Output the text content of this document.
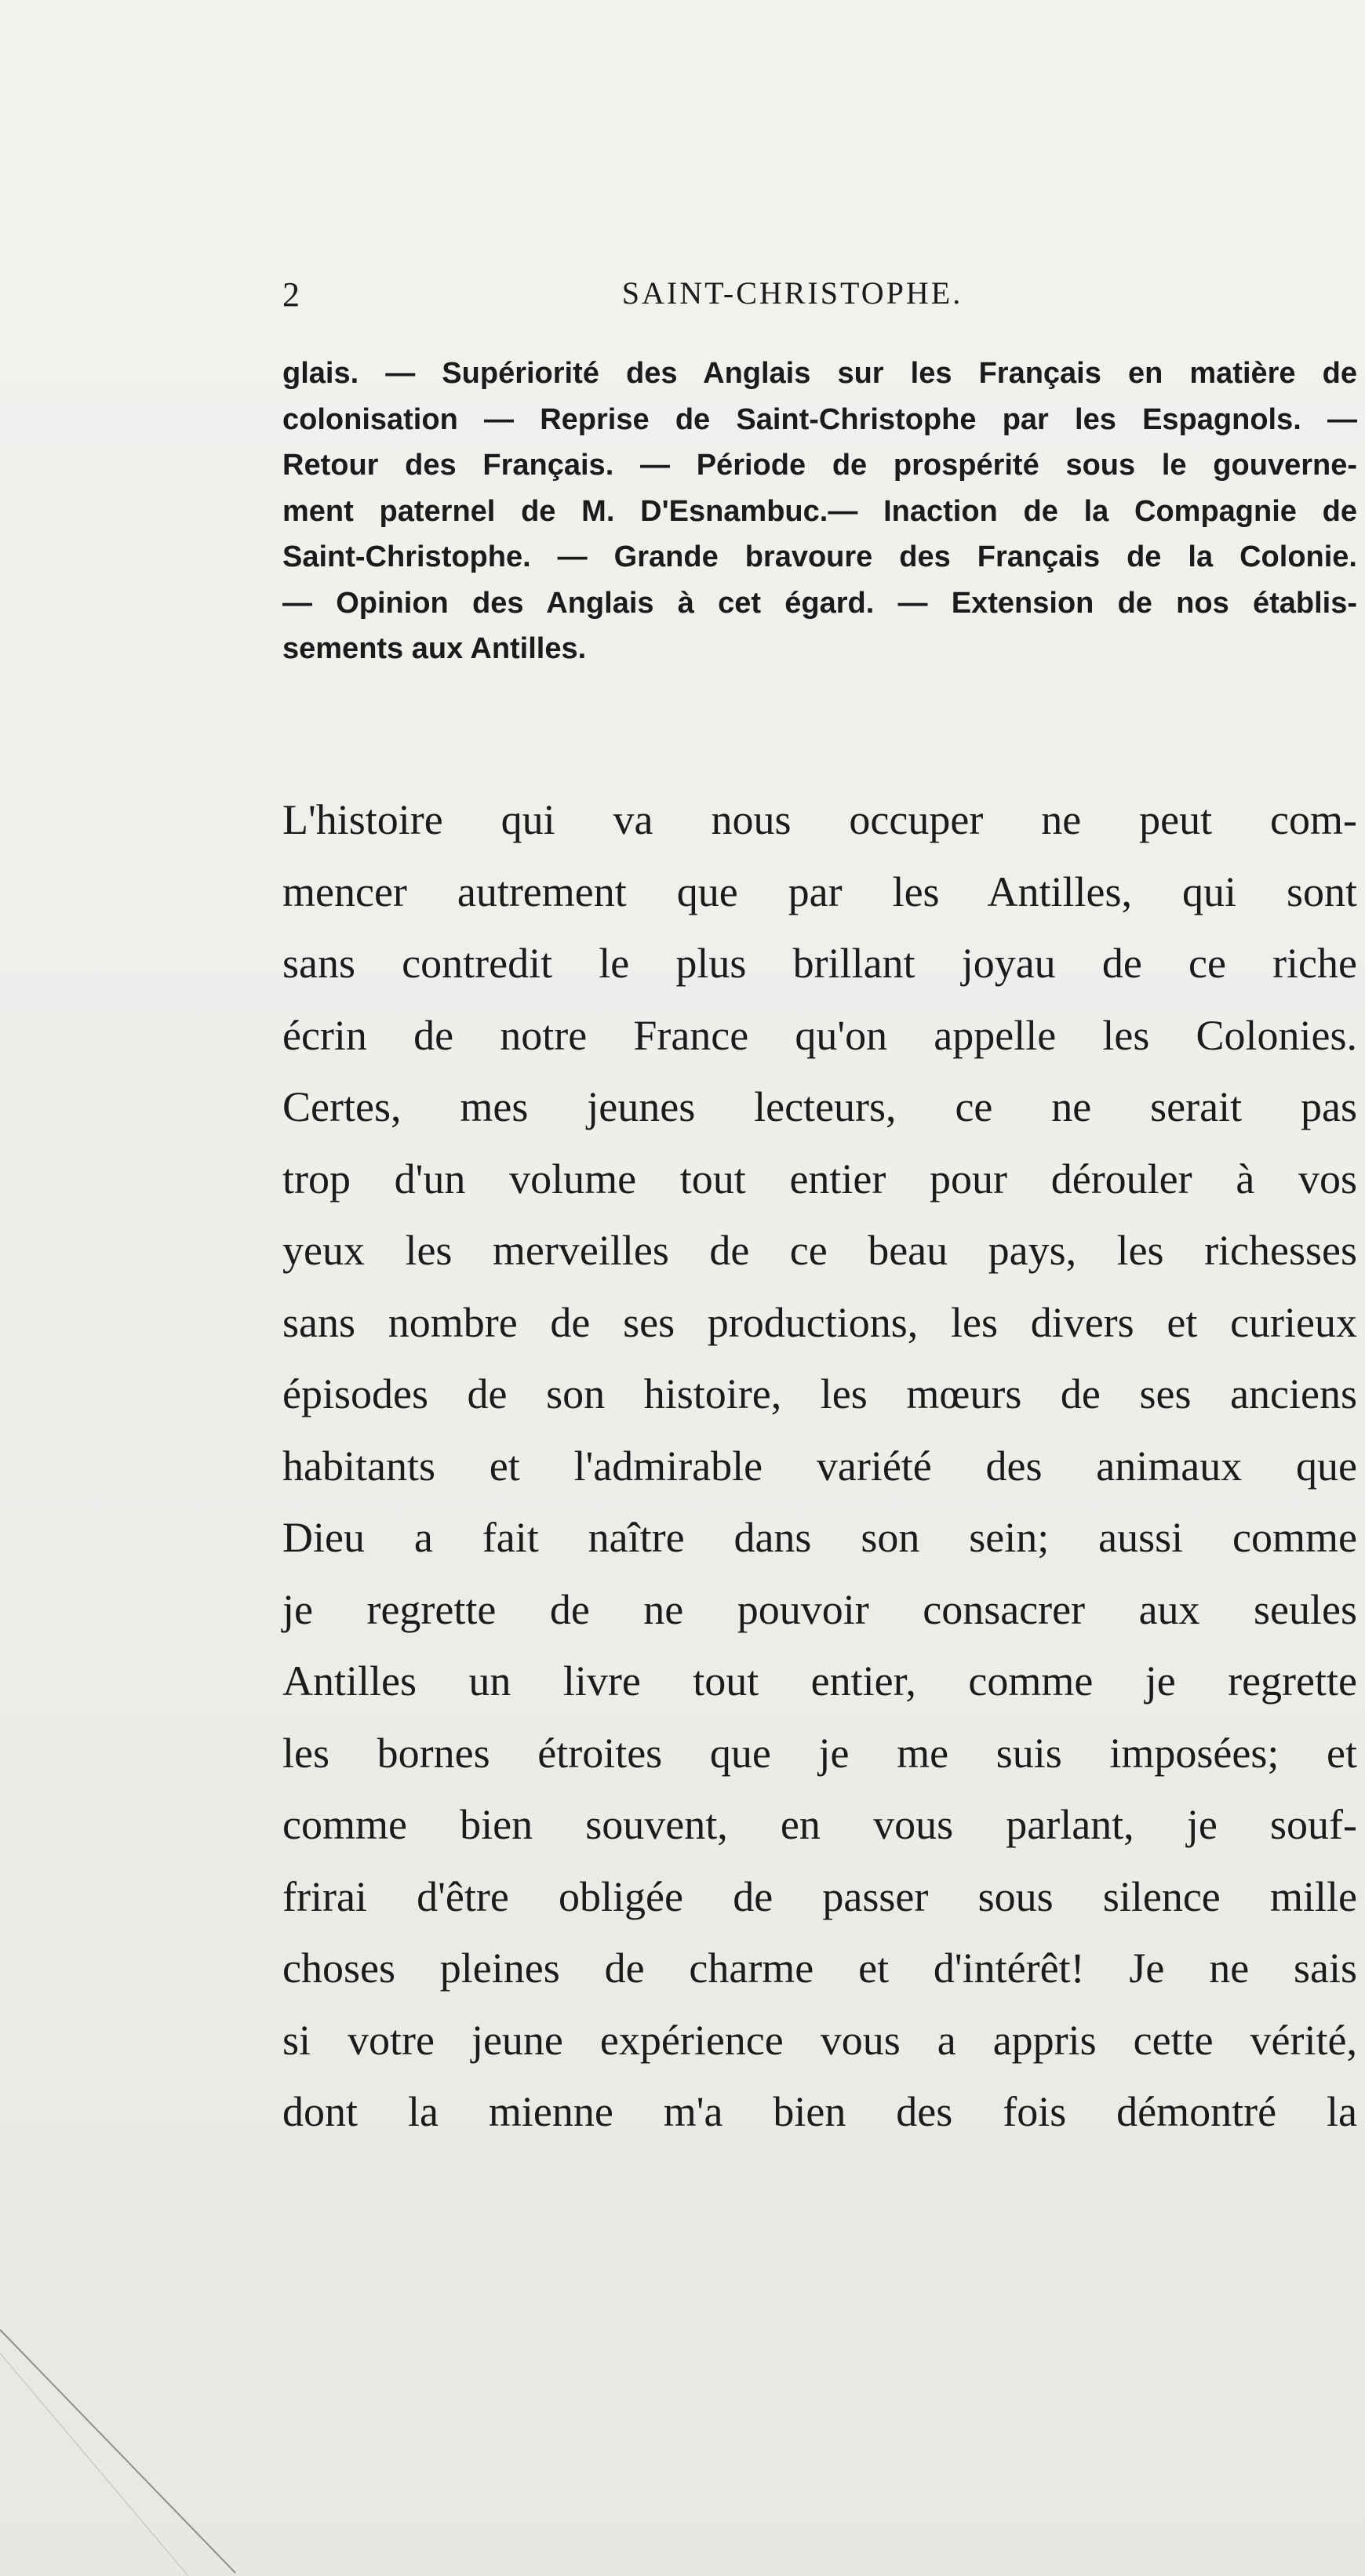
2	SAINT-CHRISTOPHE.
glais. — Supériorité des Anglais sur les Français en matière de
colonisation — Reprise de Saint-Christophe par les Espagnols. —
Retour des Français. — Période de prospérité sous le gouverne-
ment paternel de M. D'Esnambuc.— Inaction de la Compagnie de
Saint-Christophe. — Grande bravoure des Français de la Colonie.
— Opinion des Anglais à cet égard. — Extension de nos établis-
sements aux Antilles.
L'histoire qui va nous occuper ne peut com-
mencer autrement que par les Antilles, qui sont
sans contredit le plus brillant joyau de ce riche
écrin de notre France qu'on appelle les Colonies.
Certes, mes jeunes lecteurs, ce ne serait pas
trop d'un volume tout entier pour dérouler à vos
yeux les merveilles de ce beau pays, les richesses
sans nombre de ses productions, les divers et curieux
épisodes de son histoire, les mœurs de ses anciens
habitants et l'admirable variété des animaux que
Dieu a fait naître dans son sein; aussi comme
je regrette de ne pouvoir consacrer aux seules
Antilles un livre tout entier, comme je regrette
les bornes étroites que je me suis imposées; et
comme bien souvent, en vous parlant, je souf-
frirai d'être obligée de passer sous silence mille
choses pleines de charme et d'intérêt! Je ne sais
si votre jeune expérience vous a appris cette vérité,
dont la mienne m'a bien des fois démontré la
